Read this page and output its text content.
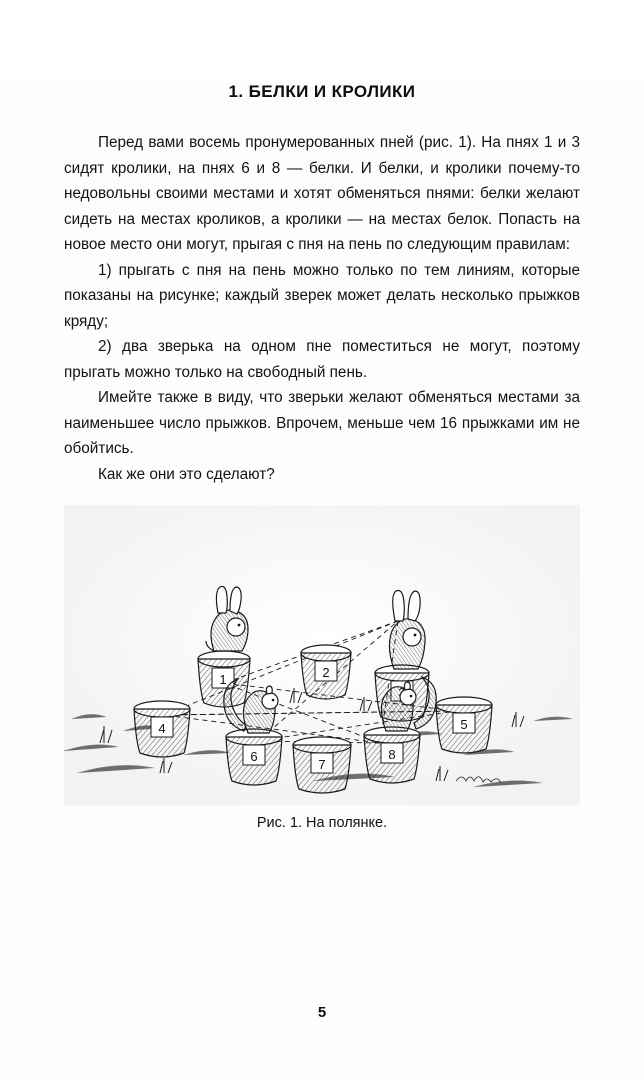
1. БЕЛКИ И КРОЛИКИ

Перед вами восемь пронумерованных пней (рис. 1). На пнях 1 и 3 сидят кролики, на пнях 6 и 8 — белки. И белки, и кролики почему-то недовольны своими местами и хотят обменяться пнями: белки желают сидеть на местах кроликов, а кролики — на местах белок. Попасть на новое место они могут, прыгая с пня на пень по следующим правилам:

1) прыгать с пня на пень можно только по тем линиям, которые показаны на рисунке; каждый зверек может делать несколько прыжков кряду;

2) два зверька на одном пне поместиться не могут, поэтому прыгать можно только на свободный пень.

Имейте также в виду, что зверьки желают обменяться местами за наименьшее число прыжков. Впрочем, меньше чем 16 прыжками им не обойтись.

Как же они это сделают?

1	2
4	5
6
7
8
Рис. 1. На полянке.
5
